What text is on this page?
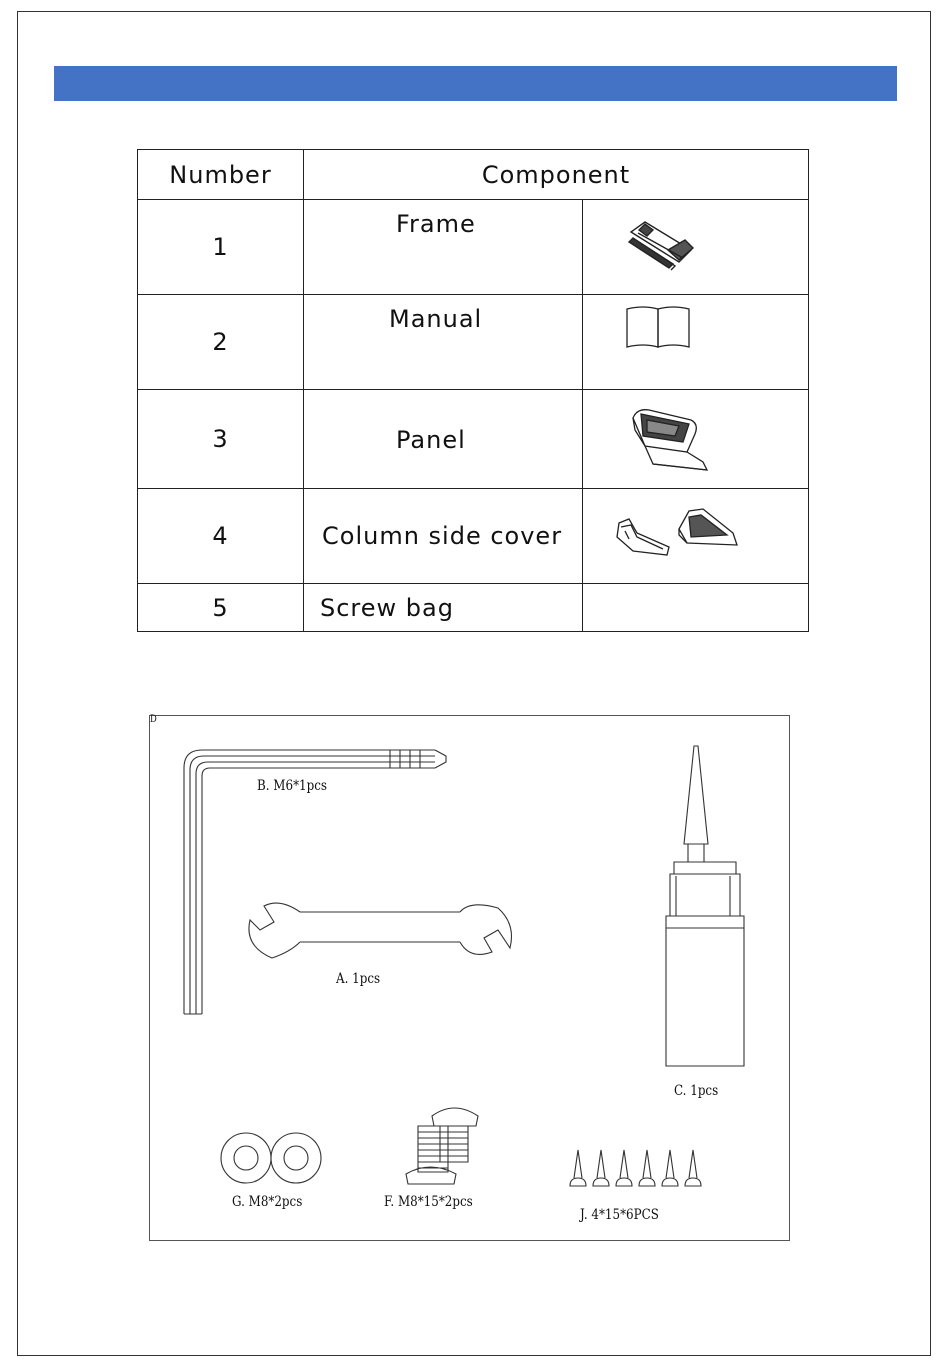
Number	Component	
1	Frame

2	Manual

3	Panel

4	Column side cover

5	Screw bag	

D
B. M6*1pcs
A. 1pcs
C. 1pcs
G. M8*2pcs	F. M8*15*2pcs
J. 4*15*6PCS
